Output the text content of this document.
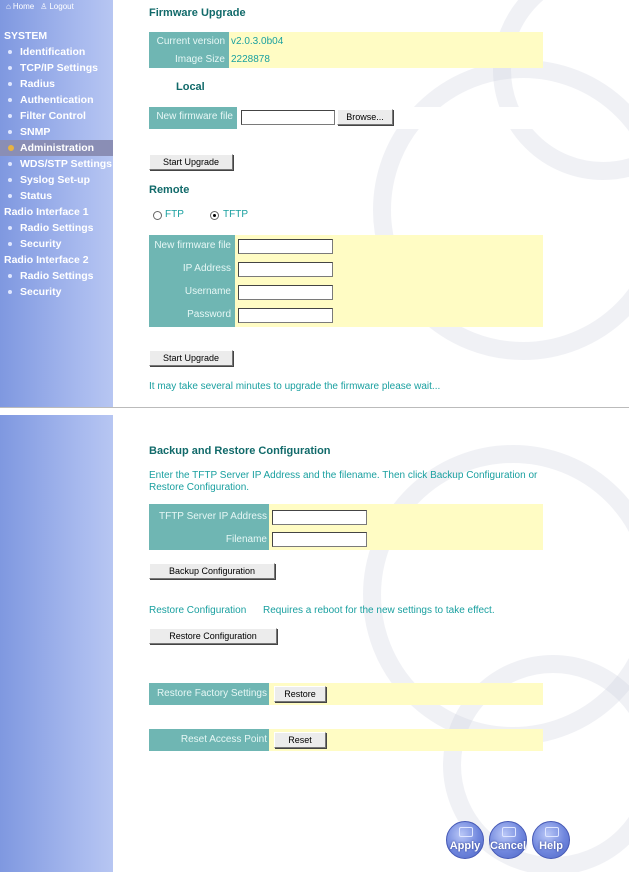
⌂ Home ♙ Logout
SYSTEM
Identification
TCP/IP Settings
Radius
Authentication
Filter Control
SNMP
Administration
WDS/STP Settings
Syslog Set-up
Status
Radio Interface 1
Radio Settings
Security
Radio Interface 2
Radio Settings
Security
Firmware Upgrade
Current version v2.0.3.0b04
Image Size 2228878
Local
New firmware file	Browse...
Start Upgrade
Remote
FTP	TFTP
New firmware file
IP Address
Username
Password
Start Upgrade
It may take several minutes to upgrade the firmware please wait...
Backup and Restore Configuration
Enter the TFTP Server IP Address and the filename. Then click Backup Configuration or Restore Configuration.
TFTP Server IP Address
Filename
Backup Configuration
Restore Configuration Requires a reboot for the new settings to take effect.
Restore Configuration
Restore Factory Settings	Restore
Reset Access Point	Reset
Apply Cancel	Help
